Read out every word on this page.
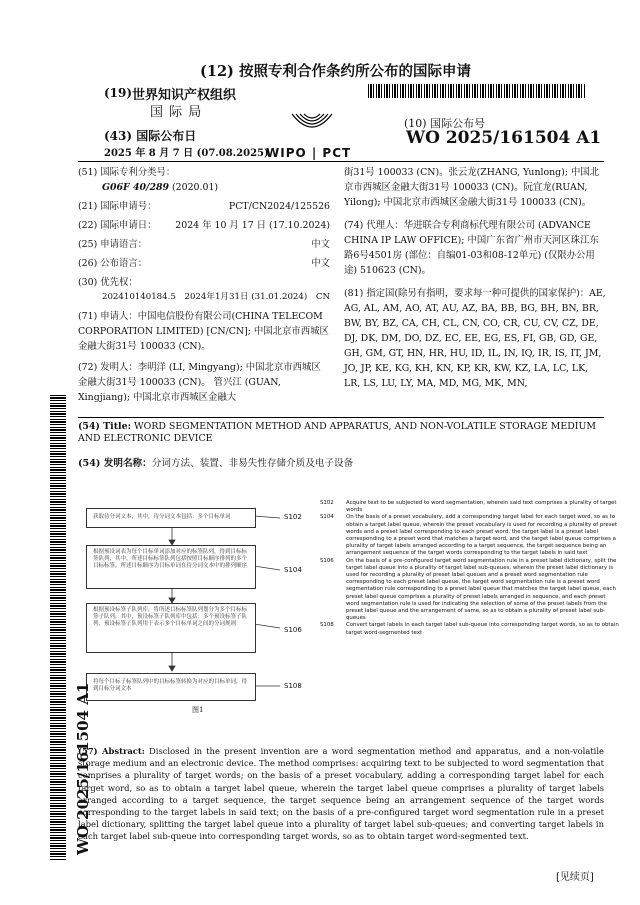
(12) 按照专利合作条约所公布的国际申请
(19) 世界知识产权组织
国 际 局
(43) 国际公布日
2025 年 8 月 7 日 (07.08.2025)
WIPO | PCT
(10) 国际公布号
WO 2025/161504 A1
(51) 国际专利分类号：
G06F 40/289 (2020.01)
(21) 国际申请号：	PCT/CN2024/125526
(22) 国际申请日： 2024 年 10 月 17 日 (17.10.2024)
(25) 申请语言：	中文
(26) 公布语言：	中文
(30) 优先权：
202410140184.5 2024年1月31日 (31.01.2024) CN
(71) 申请人：中国电信股份有限公司(CHINA TELECOM CORPORATION LIMITED) [CN/CN]; 中国北京市西城区金融大街31号 100033 (CN)。
(72) 发明人：李明洋 (LI, Mingyang); 中国北京市西城区金融大街31号 100033 (CN)。 管兴江 (GUAN, Xingjiang); 中国北京市西城区金融大
街31号 100033 (CN)。张云龙(ZHANG, Yunlong); 中国北京市西城区金融大街31号 100033 (CN)。阮宜龙(RUAN, Yilong); 中国北京市西城区金融大街31号 100033 (CN)。
(74) 代理人：华进联合专利商标代理有限公司 (ADVANCE CHINA IP LAW OFFICE); 中国广东省广州市天河区珠江东路6号4501房 (部位：自编01-03和08-12单元) (仅限办公用途) 510623 (CN)。
(81) 指定国(除另有指明，要求每一种可提供的国家保护)：AE, AG, AL, AM, AO, AT, AU, AZ, BA, BB, BG, BH, BN, BR, BW, BY, BZ, CA, CH, CL, CN, CO, CR, CU, CV, CZ, DE, DJ, DK, DM, DO, DZ, EC, EE, EG, ES, FI, GB, GD, GE, GH, GM, GT, HN, HR, HU, ID, IL, IN, IQ, IR, IS, IT, JM, JO, JP, KE, KG, KH, KN, KP, KR, KW, KZ, LA, LC, LK, LR, LS, LU, LY, MA, MD, MG, MK, MN,
(54) Title: WORD SEGMENTATION METHOD AND APPARATUS, AND NON-VOLATILE STORAGE MEDIUM AND ELECTRONIC DEVICE
(54) 发明名称：分词方法、装置、非易失性存储介质及电子设备
获取待分词文本，其中，待分词文本包括：多个目标单词	S102
根据预设词表为每个目标单词添加对应的标签队列，得到目标标签队列，其中，所述目标标签队列包括按照目标顺序排列的多个目标标签，所述目标顺序为目标单词在待分词文本中的排列顺序	S104
根据预设标签子队列库，将所述目标标签队列划分为多个目标标签子队列，其中，预设标签子队列库中包括：多个预设标签子队列，预设标签子队列用于表示多个目标单词之间的分词规则
S106
将每个目标子标签队列中的目标标签转换为对应的目标单词，得到目标分词文本	S108
图1
S102 Acquire text to be subjected to word segmentation, wherein said text comprises a plurality of target words
S104 On the basis of a preset vocabulary, add a corresponding target label for each target word, so as to obtain a target label queue, wherein the preset vocabulary is used for recording a plurality of preset words and a preset label corresponding to each preset word, the target label is a preset label corresponding to a preset word that matches a target word, and the target label queue comprises a plurality of target labels arranged according to a target sequence, the target sequence being an arrangement sequence of the target words corresponding to the target labels in said text
S106 On the basis of a pre-configured target word segmentation rule in a preset label dictionary, split the target label queue into a plurality of target label sub-queues, wherein the preset label dictionary is used for recording a plurality of preset label queues and a preset word segmentation rule corresponding to each preset label queue, the target word segmentation rule is a preset word segmentation rule corresponding to a preset label queue that matches the target label queue, each preset label queue comprises a plurality of preset labels arranged in sequence, and each preset word segmentation rule is used for indicating the selection of some of the preset labels from the preset label queue and the arrangement of same, so as to obtain a plurality of preset label sub-queues
S108 Convert target labels in each target label sub-queue into corresponding target words, so as to obtain target word-segmented text
(57) Abstract: Disclosed in the present invention are a word segmentation method and apparatus, and a non-volatile storage medium and an electronic device. The method comprises: acquiring text to be subjected to word segmentation that comprises a plurality of target words; on the basis of a preset vocabulary, adding a corresponding target label for each target word, so as to obtain a target label queue, wherein the target label queue comprises a plurality of target labels arranged according to a target sequence, the target sequence being an arrangement sequence of the target words corresponding to the target labels in said text; on the basis of a pre-configured target word segmentation rule in a preset label dictionary, splitting the target label queue into a plurality of target label sub-queues; and converting target labels in each target label sub-queue into corresponding target words, so as to obtain target word-segmented text.
WO 2025/161504 A1
[见续页]
